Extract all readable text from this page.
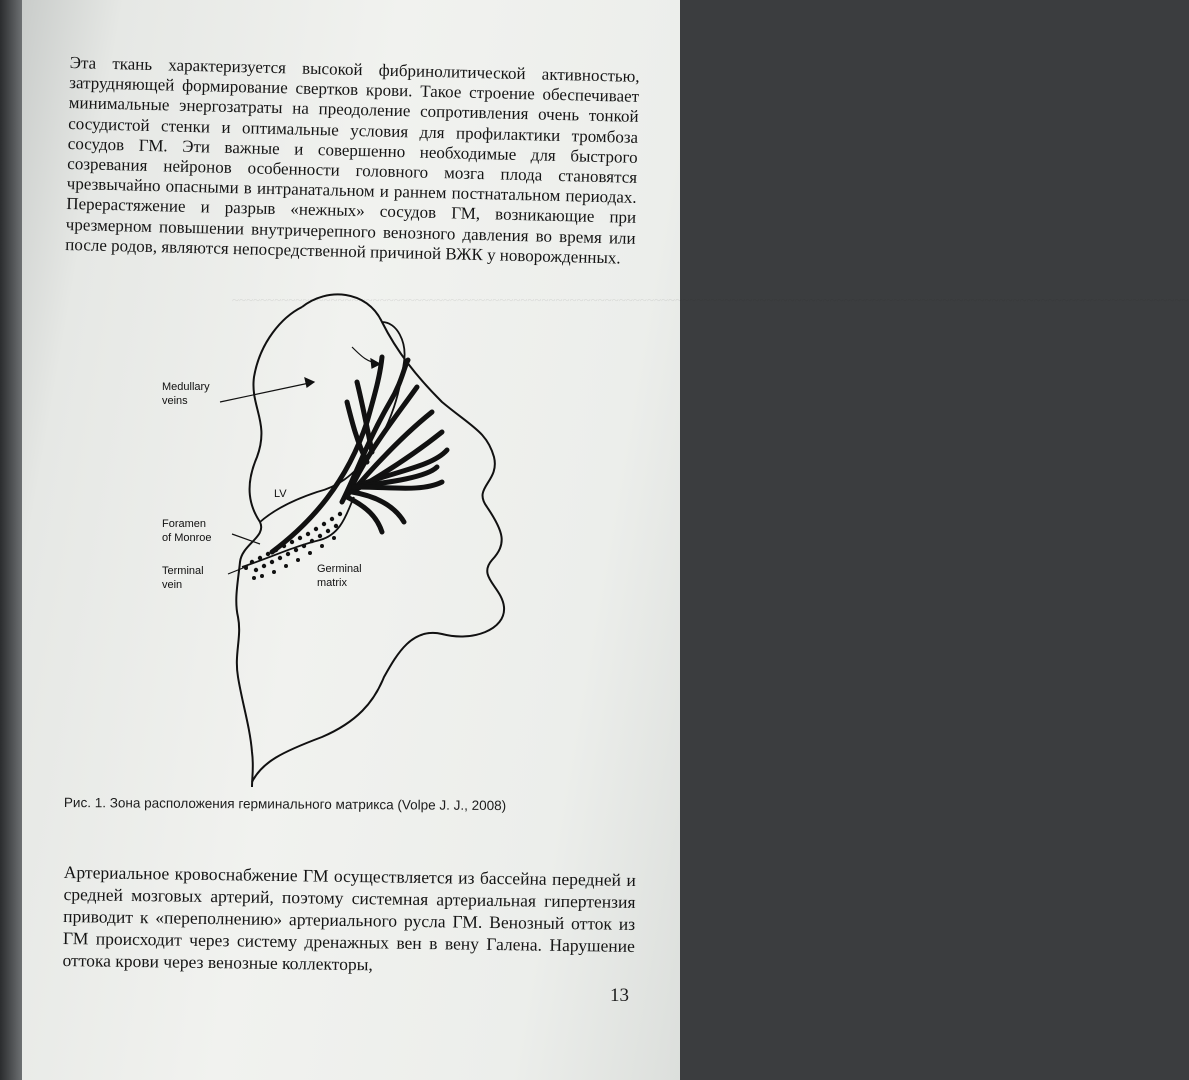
~~~~~~~~~~~~~~~~~~~~~~~~~~~~~~~~~~~~~~~~~~~~~~~~~~~~~~~~~~~~~~~~~~~~~~~~~~~~~~~~~~~~~~~~~~~~~~~~~~~~~~~~~~~~~~~~~~~~~~~~~~~~~~~~~~~~~~~~

Эта ткань характеризуется высокой фибринолитической активностью, затрудняющей формирование свертков крови. Такое строение обеспечивает минимальные энергозатраты на преодоление сопротивления очень тонкой сосудистой стенки и оптимальные условия для профилактики тромбоза сосудов ГМ. Эти важные и совершенно необходимые для быстрого созревания нейронов особенности головного мозга плода становятся чрезвычайно опасными в интранатальном и раннем постнатальном периодах. Перерастяжение и разрыв «нежных» сосудов ГМ, возникающие при чрезмерном повышении внутричерепного венозного давления во время или после родов, являются непосредственной причиной ВЖК у новорожденных.

Medullary
veins
LV
Foramen
of Monroe
Terminal
vein
Germinal
matrix
Рис. 1. Зона расположения герминального матрикса (Volpe J. J., 2008)

Артериальное кровоснабжение ГМ осуществляется из бассейна передней и средней мозговых артерий, поэтому системная артериальная гипертензия приводит к «переполнению» артериального русла ГМ. Венозный отток из ГМ происходит через систему дренажных вен в вену Галена. Нарушение оттока крови через венозные коллекторы,

13
